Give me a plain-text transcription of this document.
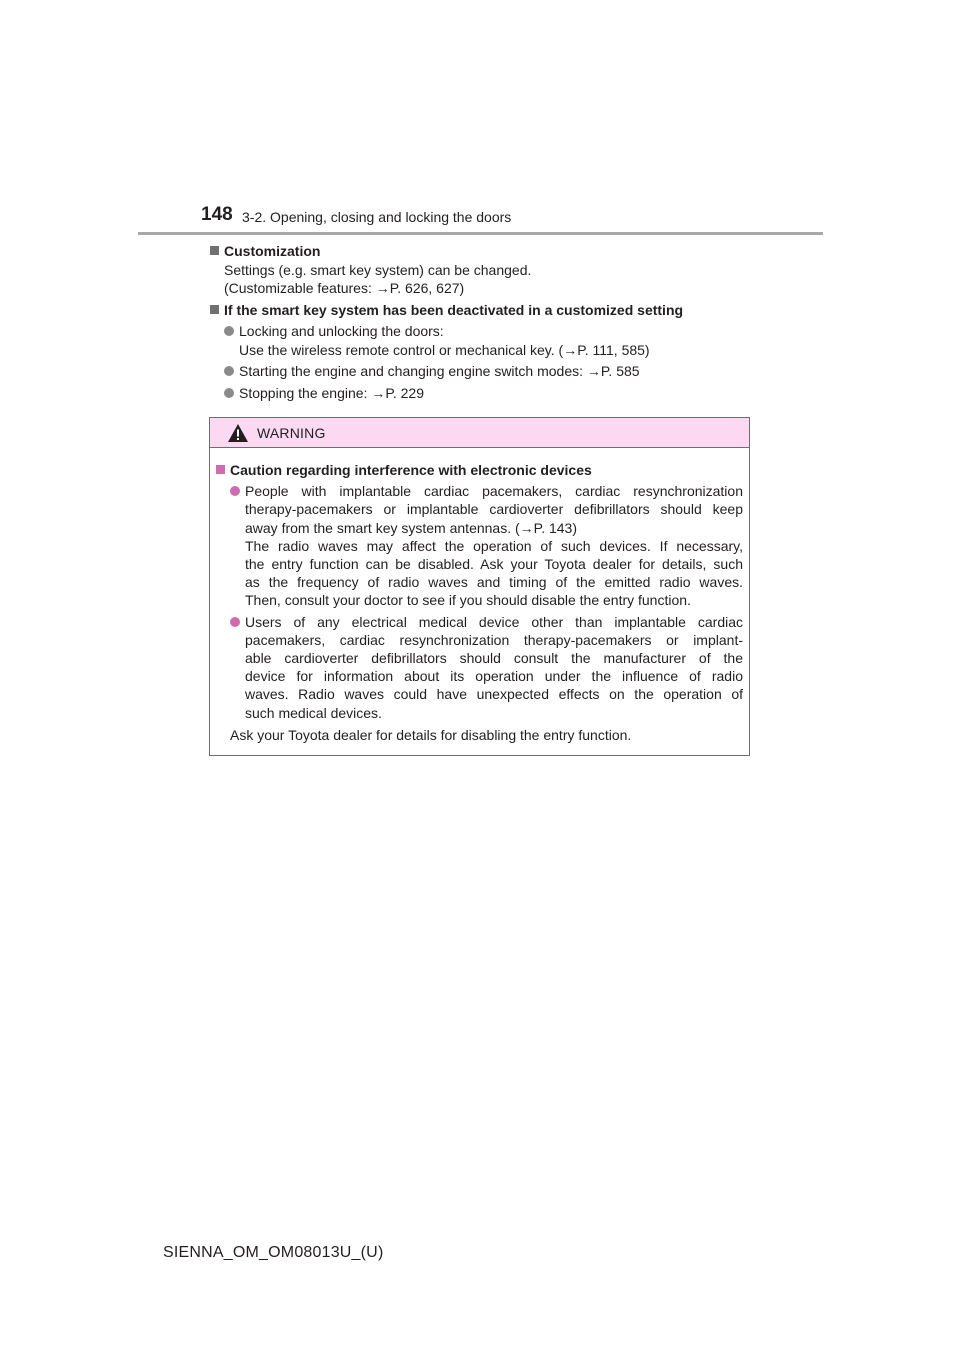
148 3-2. Opening, closing and locking the doors
Customization
Settings (e.g. smart key system) can be changed.
(Customizable features: →P. 626, 627)
If the smart key system has been deactivated in a customized setting
Locking and unlocking the doors:
Use the wireless remote control or mechanical key. (→P. 111, 585)
Starting the engine and changing engine switch modes: →P. 585
Stopping the engine: →P. 229
WARNING
Caution regarding interference with electronic devices
People with implantable cardiac pacemakers, cardiac resynchronization
therapy-pacemakers or implantable cardioverter defibrillators should keep
away from the smart key system antennas. (→P. 143)
The radio waves may affect the operation of such devices. If necessary,
the entry function can be disabled. Ask your Toyota dealer for details, such
as the frequency of radio waves and timing of the emitted radio waves.
Then, consult your doctor to see if you should disable the entry function.
Users of any electrical medical device other than implantable cardiac
pacemakers, cardiac resynchronization therapy-pacemakers or implant-
able cardioverter defibrillators should consult the manufacturer of the
device for information about its operation under the influence of radio
waves. Radio waves could have unexpected effects on the operation of
such medical devices.
Ask your Toyota dealer for details for disabling the entry function.
SIENNA_OM_OM08013U_(U)
